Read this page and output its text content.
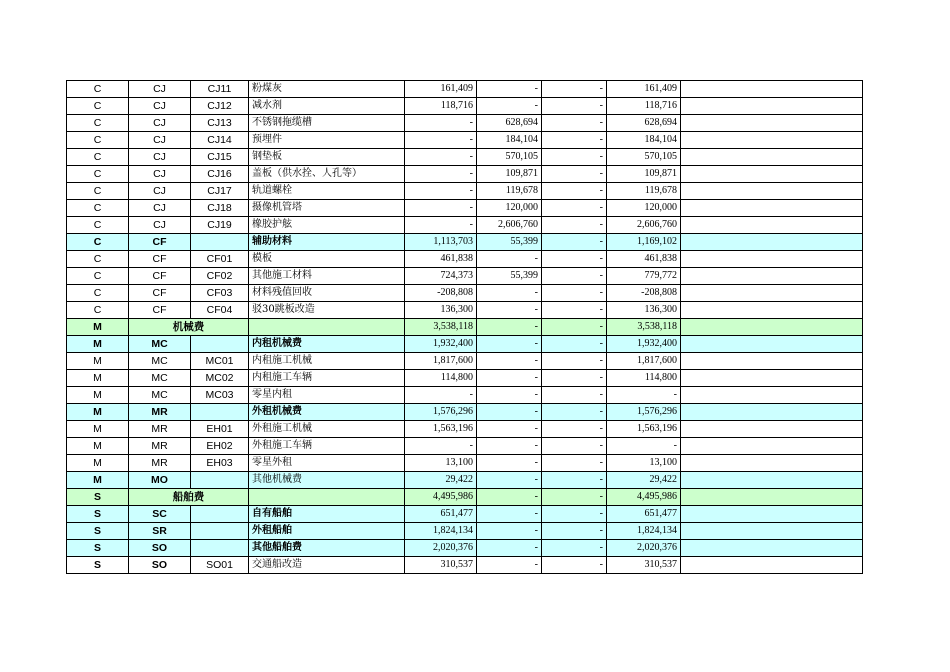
C	CJ	CJ11	粉煤灰	161,409	-	-	161,409	
C	CJ	CJ12	减水剂	118,716	-	-	118,716	
C	CJ	CJ13	不锈钢拖缆槽	-	628,694	-	628,694	
C	CJ	CJ14	预埋件	-	184,104	-	184,104	
C	CJ	CJ15	钢垫板	-	570,105	-	570,105	
C	CJ	CJ16	盖板（供水拴、人孔等）	-	109,871	-	109,871	
C	CJ	CJ17	轨道螺栓	-	119,678	-	119,678	
C	CJ	CJ18	摄像机管塔	-	120,000	-	120,000	
C	CJ	CJ19	橡胶护舷	-	2,606,760	-	2,606,760	
C	CF		辅助材料	1,113,703	55,399	-	1,169,102	
C	CF	CF01	模板	461,838	-	-	461,838	
C	CF	CF02	其他施工材料	724,373	55,399	-	779,772	
C	CF	CF03	材料残值回收	-208,808	-	-	-208,808	
C	CF	CF04	驳30跳板改造	136,300	-	-	136,300	
M	机械费			3,538,118	-	-	3,538,118	
M	MC		内租机械费	1,932,400	-	-	1,932,400	
M	MC	MC01	内租施工机械	1,817,600	-	-	1,817,600	
M	MC	MC02	内租施工车辆	114,800	-	-	114,800	
M	MC	MC03	零星内租	-	-	-	-	
M	MR		外租机械费	1,576,296	-	-	1,576,296	
M	MR	EH01	外租施工机械	1,563,196	-	-	1,563,196	
M	MR	EH02	外租施工车辆	-	-	-	-	
M	MR	EH03	零星外租	13,100	-	-	13,100	
M	MO		其他机械费	29,422	-	-	29,422	
S	船舶费			4,495,986	-	-	4,495,986	
S	SC		自有船舶	651,477	-	-	651,477	
S	SR		外租船舶	1,824,134	-	-	1,824,134	
S	SO		其他船舶费	2,020,376	-	-	2,020,376	
S	SO	SO01	交通船改造	310,537	-	-	310,537	
